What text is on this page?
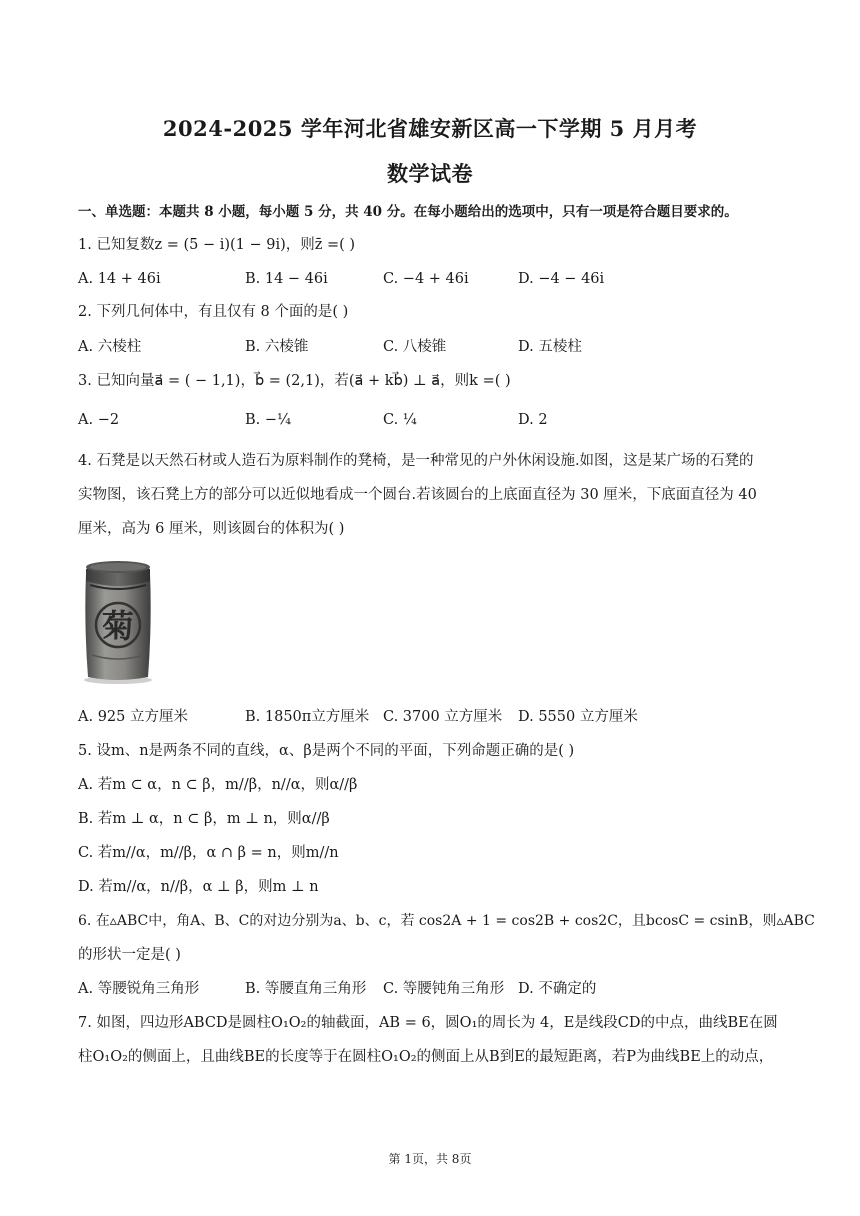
2024-2025 学年河北省雄安新区高一下学期 5 月月考
数学试卷
一、单选题：本题共 8 小题，每小题 5 分，共 40 分。在每小题给出的选项中，只有一项是符合题目要求的。
1. 已知复数z = (5 − i)(1 − 9i)，则z̄ =( )
A. 14 + 46i	B. 14 − 46i	C. −4 + 46i	D. −4 − 46i
2. 下列几何体中，有且仅有 8 个面的是( )
A. 六棱柱	B. 六棱锥	C. 八棱锥	D. 五棱柱
3. 已知向量a⃗ = ( − 1,1)，b⃗ = (2,1)，若(a⃗ + kb⃗) ⊥ a⃗，则k =( )
A. −2	B. −¼	C. ¼	D. 2
4. 石凳是以天然石材或人造石为原料制作的凳椅，是一种常见的户外休闲设施.如图，这是某广场的石凳的
实物图，该石凳上方的部分可以近似地看成一个圆台.若该圆台的上底面直径为 30 厘米，下底面直径为 40
厘米，高为 6 厘米，则该圆台的体积为( )
菊
A. 925 立方厘米	B. 1850π立方厘米 C. 3700 立方厘米 D. 5550 立方厘米
5. 设m、n是两条不同的直线，α、β是两个不同的平面，下列命题正确的是( )
A. 若m ⊂ α，n ⊂ β，m//β，n//α，则α//β
B. 若m ⊥ α，n ⊂ β，m ⊥ n，则α//β
C. 若m//α，m//β，α ∩ β = n，则m//n
D. 若m//α，n//β，α ⊥ β，则m ⊥ n
6. 在▵ABC中，角A、B、C的对边分别为a、b、c，若 cos2A + 1 = cos2B + cos2C，且bcosC = csinB，则▵ABC
的形状一定是( )
A. 等腰锐角三角形	B. 等腰直角三角形 C. 等腰钝角三角形 D. 不确定的
7. 如图，四边形ABCD是圆柱O₁O₂的轴截面，AB = 6，圆O₁的周长为 4，E是线段CD的中点，曲线BE在圆
柱O₁O₂的侧面上，且曲线BE的长度等于在圆柱O₁O₂的侧面上从B到E的最短距离，若P为曲线BE上的动点，
第 1页，共 8页
